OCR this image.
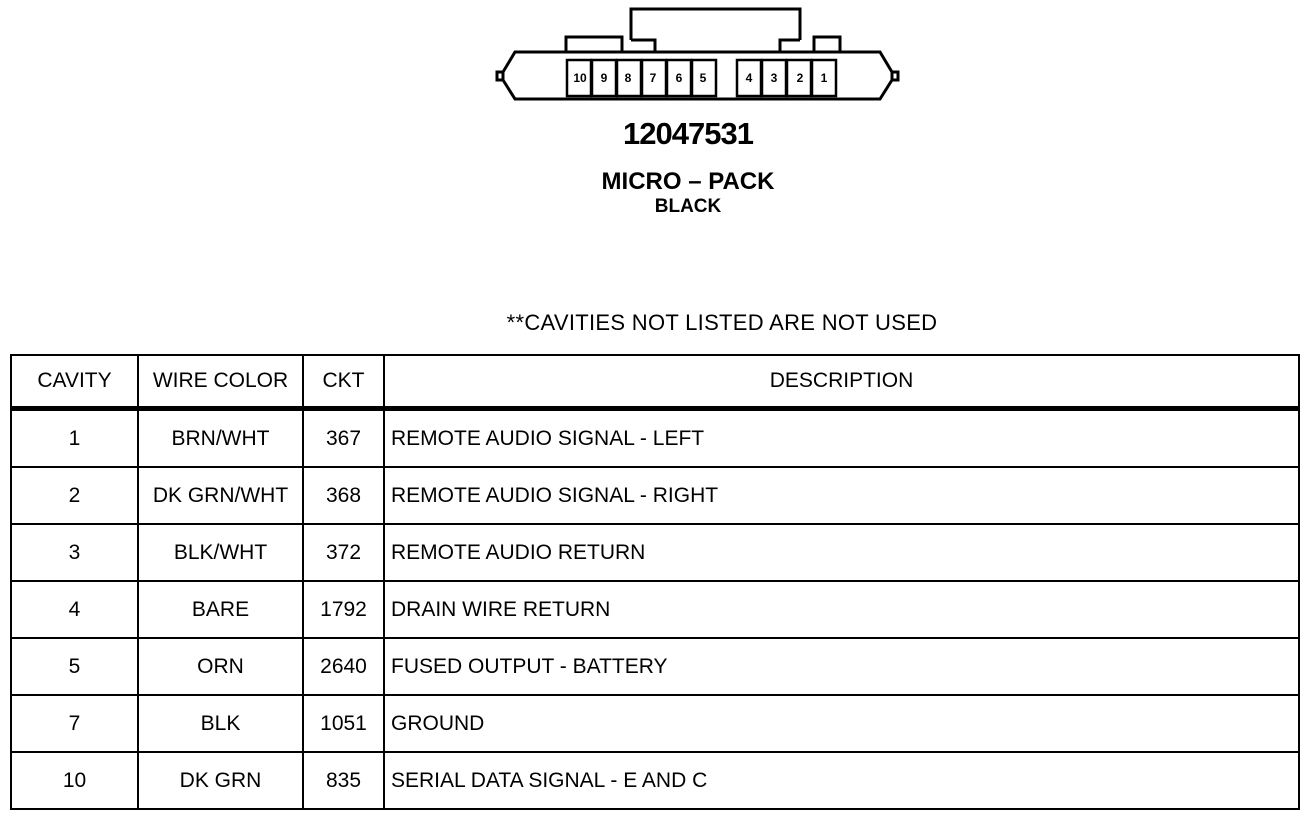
10 9 8 7 6 5	4 3 2 1
12047531
MICRO – PACK
BLACK
**CAVITIES NOT LISTED ARE NOT USED
CAVITY	WIRE COLOR	CKT	DESCRIPTION
1	BRN/WHT	367	REMOTE AUDIO SIGNAL - LEFT
2	DK GRN/WHT	368	REMOTE AUDIO SIGNAL - RIGHT
3	BLK/WHT	372	REMOTE AUDIO RETURN
4	BARE	1792	DRAIN WIRE RETURN
5	ORN	2640	FUSED OUTPUT - BATTERY
7	BLK	1051	GROUND
10	DK GRN	835	SERIAL DATA SIGNAL - E AND C
